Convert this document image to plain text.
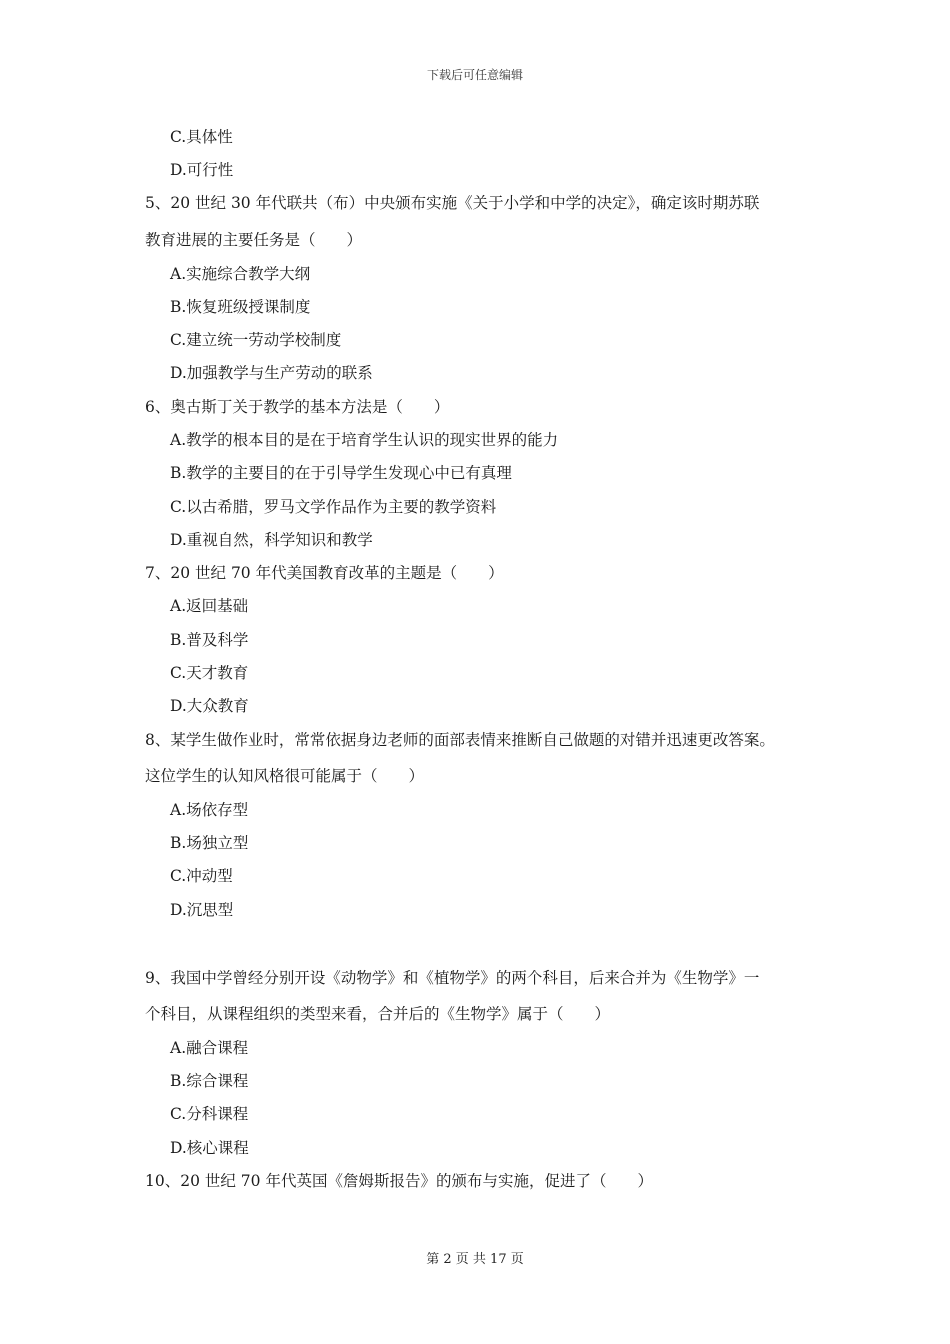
下载后可任意编辑
C.具体性
D.可行性
5、20 世纪 30 年代联共（布）中央颁布实施《关于小学和中学的决定》，确定该时期苏联
教育进展的主要任务是（　　）
A.实施综合教学大纲
B.恢复班级授课制度
C.建立统一劳动学校制度
D.加强教学与生产劳动的联系
6、奥古斯丁关于教学的基本方法是（　　）
A.教学的根本目的是在于培育学生认识的现实世界的能力
B.教学的主要目的在于引导学生发现心中已有真理
C.以古希腊，罗马文学作品作为主要的教学资料
D.重视自然，科学知识和教学
7、20 世纪 70 年代美国教育改革的主题是（　　）
A.返回基础
B.普及科学
C.天才教育
D.大众教育
8、某学生做作业时，常常依据身边老师的面部表情来推断自己做题的对错并迅速更改答案。
这位学生的认知风格很可能属于（　　）
A.场依存型
B.场独立型
C.冲动型
D.沉思型
9、我国中学曾经分别开设《动物学》和《植物学》的两个科目，后来合并为《生物学》一
个科目，从课程组织的类型来看，合并后的《生物学》属于（　　）
A.融合课程
B.综合课程
C.分科课程
D.核心课程
10、20 世纪 70 年代英国《詹姆斯报告》的颁布与实施，促进了（　　）
第 2 页 共 17 页
